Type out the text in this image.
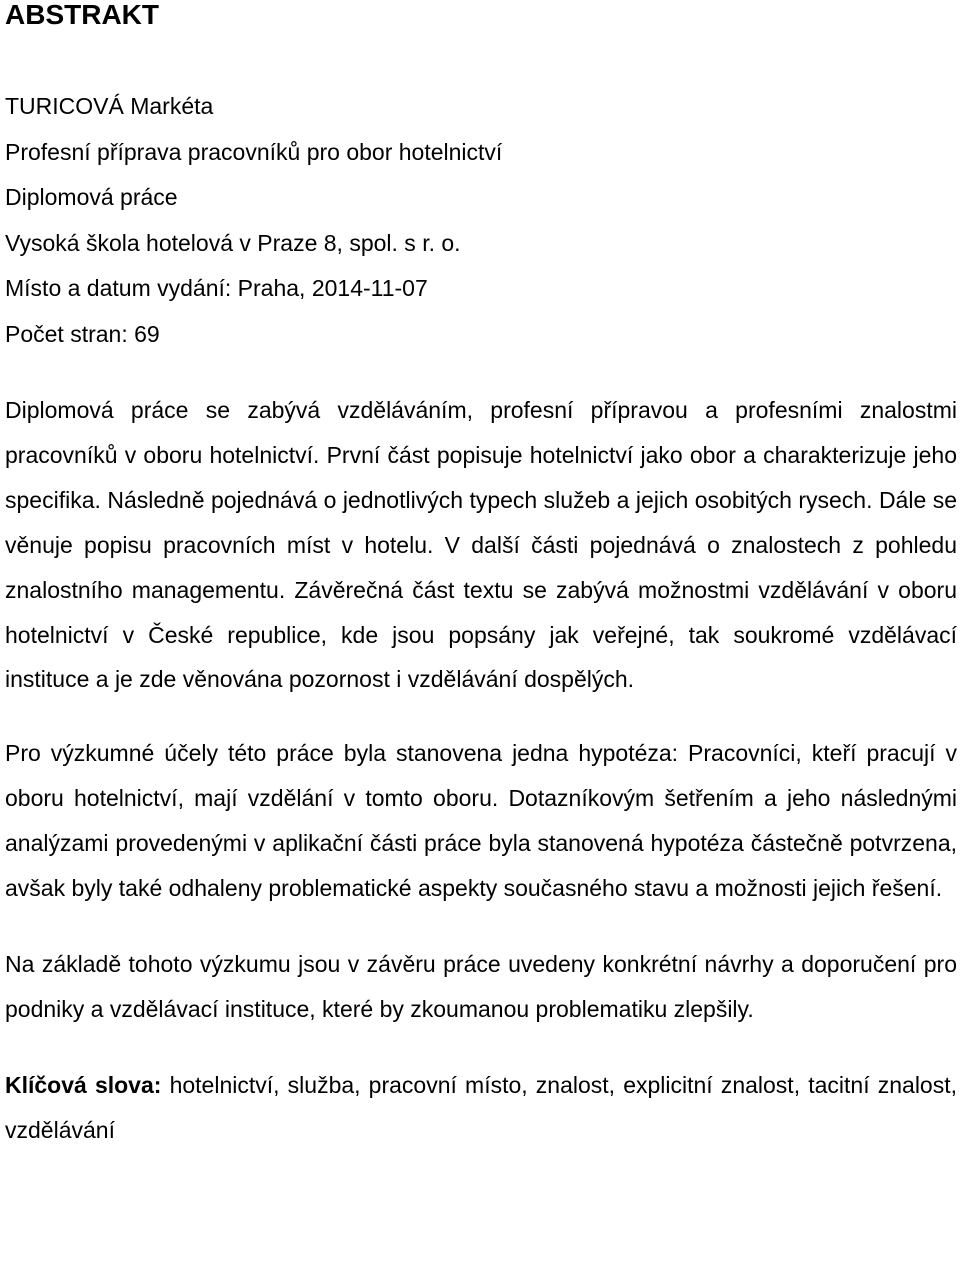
ABSTRAKT
TURICOVÁ Markéta
Profesní příprava pracovníků pro obor hotelnictví
Diplomová práce
Vysoká škola hotelová v Praze 8, spol. s r. o.
Místo a datum vydání: Praha, 2014-11-07
Počet stran: 69

Diplomová práce se zabývá vzděláváním, profesní přípravou a profesními znalostmi pracovníků v oboru hotelnictví. První část popisuje hotelnictví jako obor a charakterizuje jeho specifika. Následně pojednává o jednotlivých typech služeb a jejich osobitých rysech. Dále se věnuje popisu pracovních míst v hotelu. V další části pojednává o znalostech z pohledu znalostního managementu. Závěrečná část textu se zabývá možnostmi vzdělávání v oboru hotelnictví v České republice, kde jsou popsány jak veřejné, tak soukromé vzdělávací instituce a je zde věnována pozornost i vzdělávání dospělých.

Pro výzkumné účely této práce byla stanovena jedna hypotéza: Pracovníci, kteří pracují v oboru hotelnictví, mají vzdělání v tomto oboru. Dotazníkovým šetřením a jeho následnými analýzami provedenými v aplikační části práce byla stanovená hypotéza částečně potvrzena, avšak byly také odhaleny problematické aspekty současného stavu a možnosti jejich řešení.

Na základě tohoto výzkumu jsou v závěru práce uvedeny konkrétní návrhy a doporučení pro podniky a vzdělávací instituce, které by zkoumanou problematiku zlepšily.

Klíčová slova: hotelnictví, služba, pracovní místo, znalost, explicitní znalost, tacitní znalost, vzdělávání
